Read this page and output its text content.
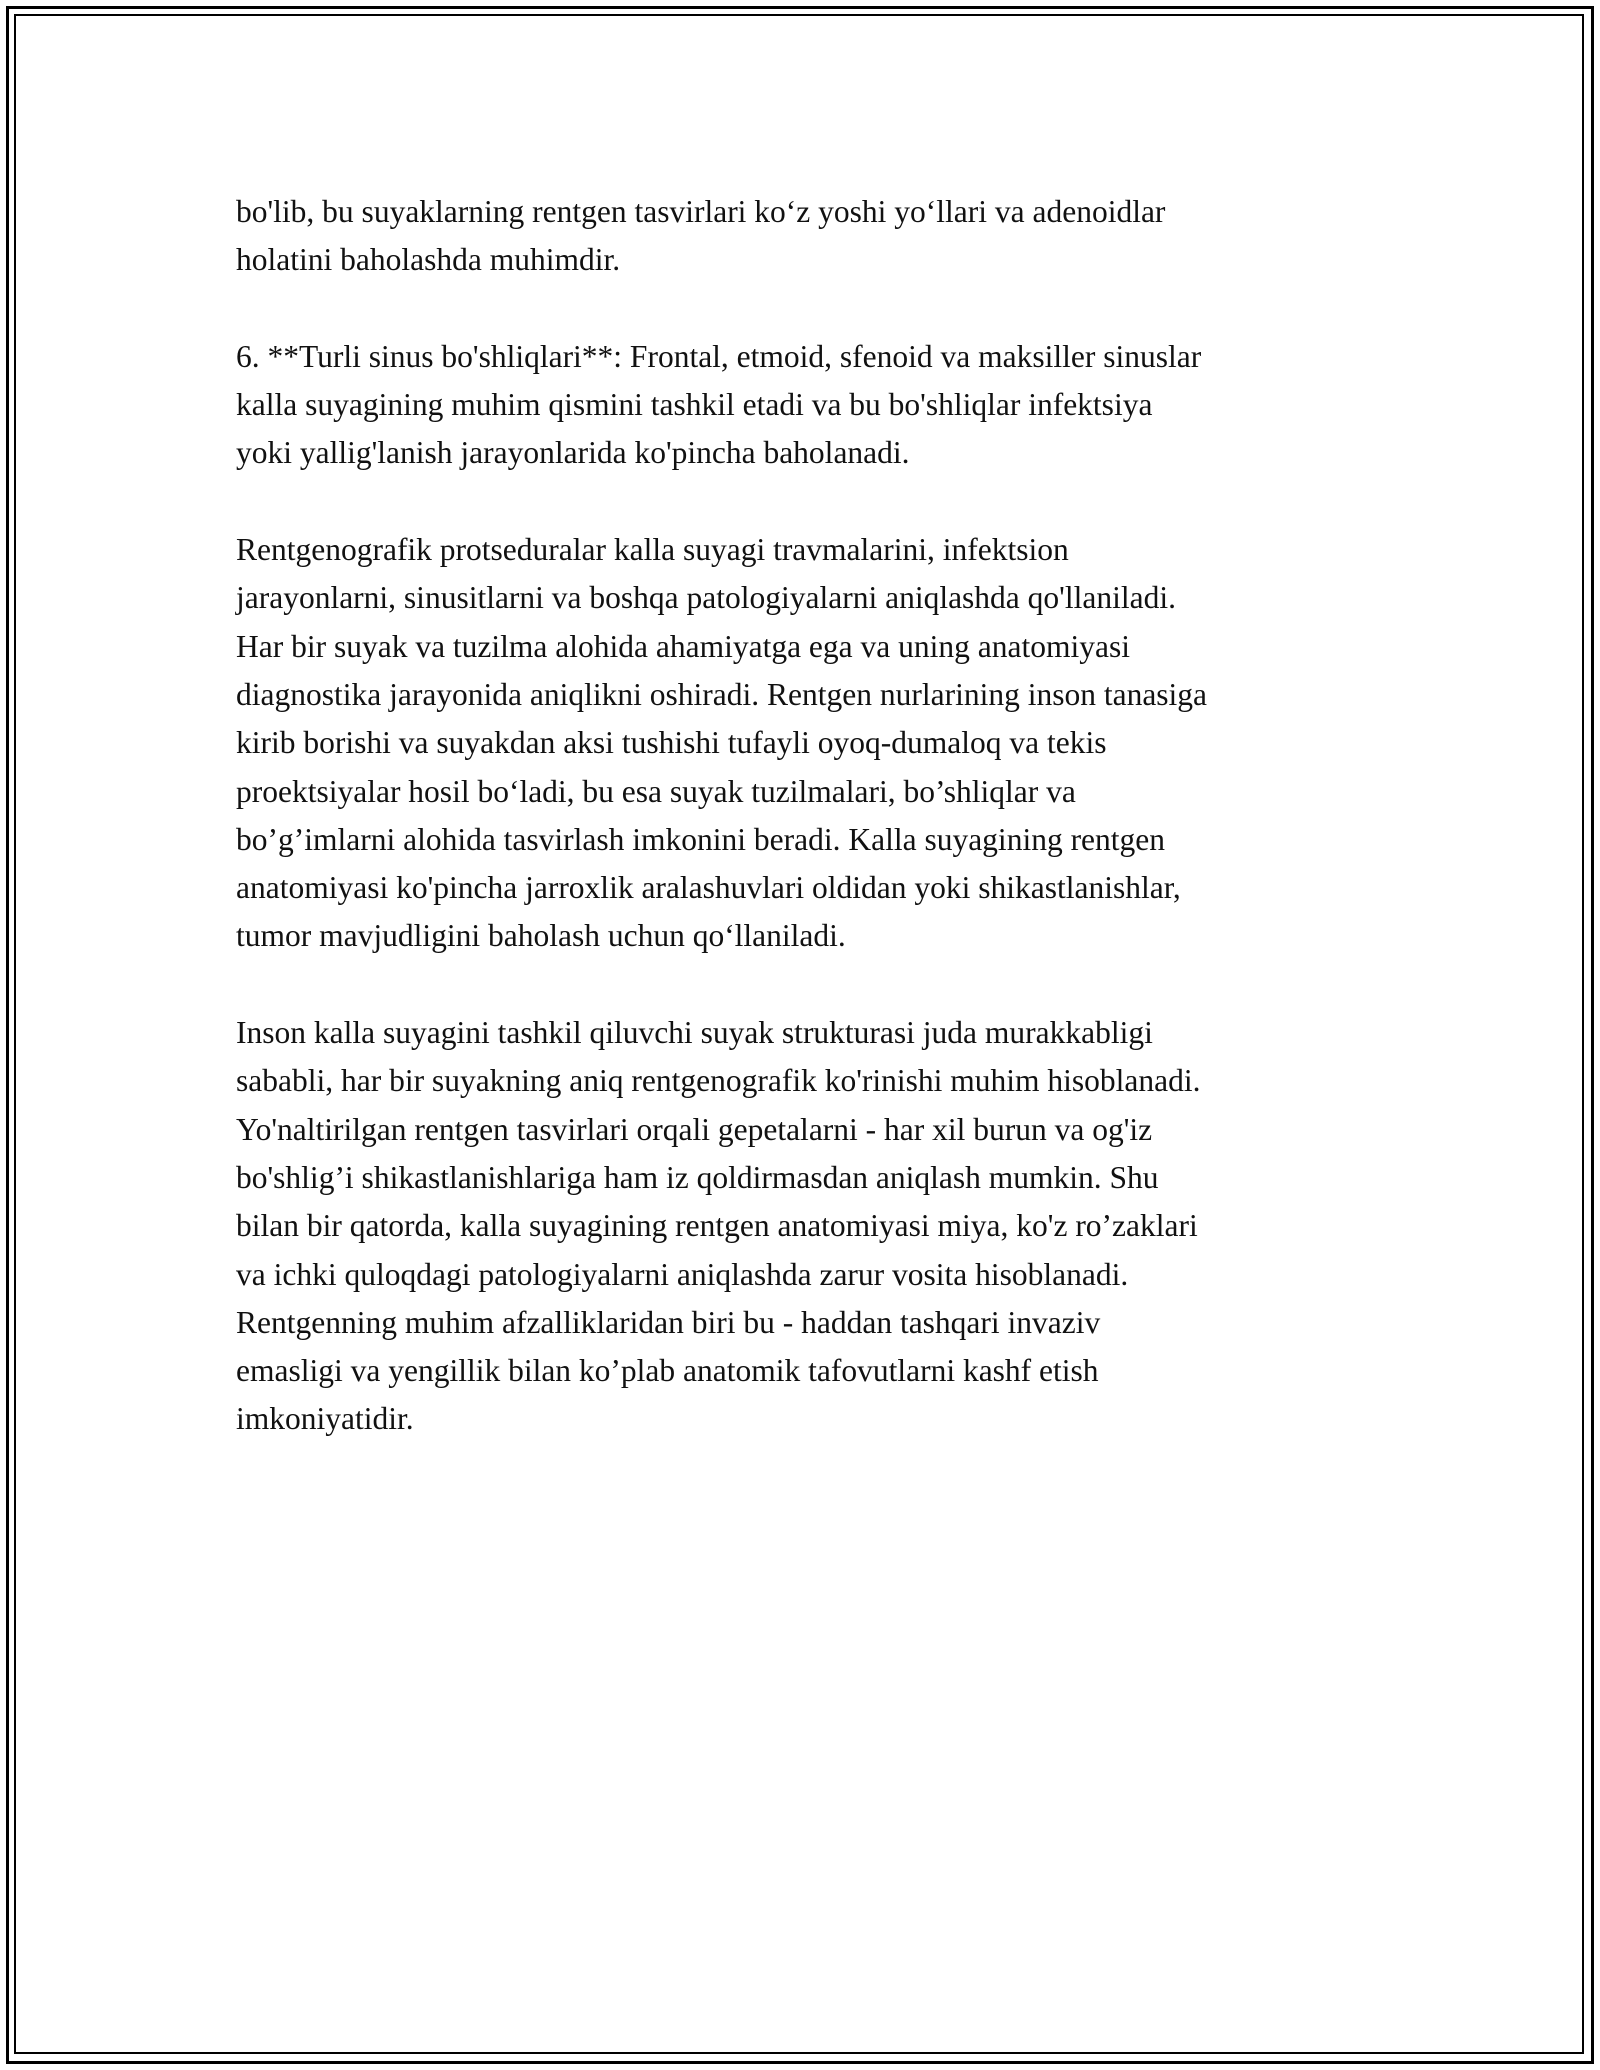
bo'lib, bu suyaklarning rentgen tasvirlari ko‘z yoshi yo‘llari va adenoidlar
holatini baholashda muhimdir.

6. **Turli sinus bo'shliqlari**: Frontal, etmoid, sfenoid va maksiller sinuslar
kalla suyagining muhim qismini tashkil etadi va bu bo'shliqlar infektsiya
yoki yallig'lanish jarayonlarida ko'pincha baholanadi.

Rentgenografik protseduralar kalla suyagi travmalarini, infektsion
jarayonlarni, sinusitlarni va boshqa patologiyalarni aniqlashda qo'llaniladi.
Har bir suyak va tuzilma alohida ahamiyatga ega va uning anatomiyasi
diagnostika jarayonida aniqlikni oshiradi. Rentgen nurlarining inson tanasiga
kirib borishi va suyakdan aksi tushishi tufayli oyoq-dumaloq va tekis
proektsiyalar hosil bo‘ladi, bu esa suyak tuzilmalari, bo’shliqlar va
bo’g’imlarni alohida tasvirlash imkonini beradi. Kalla suyagining rentgen
anatomiyasi ko'pincha jarroxlik aralashuvlari oldidan yoki shikastlanishlar,
tumor mavjudligini baholash uchun qo‘llaniladi.

Inson kalla suyagini tashkil qiluvchi suyak strukturasi juda murakkabligi
sababli, har bir suyakning aniq rentgenografik ko'rinishi muhim hisoblanadi.
Yo'naltirilgan rentgen tasvirlari orqali gepetalarni - har xil burun va og'iz
bo'shlig’i shikastlanishlariga ham iz qoldirmasdan aniqlash mumkin. Shu
bilan bir qatorda, kalla suyagining rentgen anatomiyasi miya, ko'z ro’zaklari
va ichki quloqdagi patologiyalarni aniqlashda zarur vosita hisoblanadi.
Rentgenning muhim afzalliklaridan biri bu - haddan tashqari invaziv
emasligi va yengillik bilan ko’plab anatomik tafovutlarni kashf etish
imkoniyatidir.
